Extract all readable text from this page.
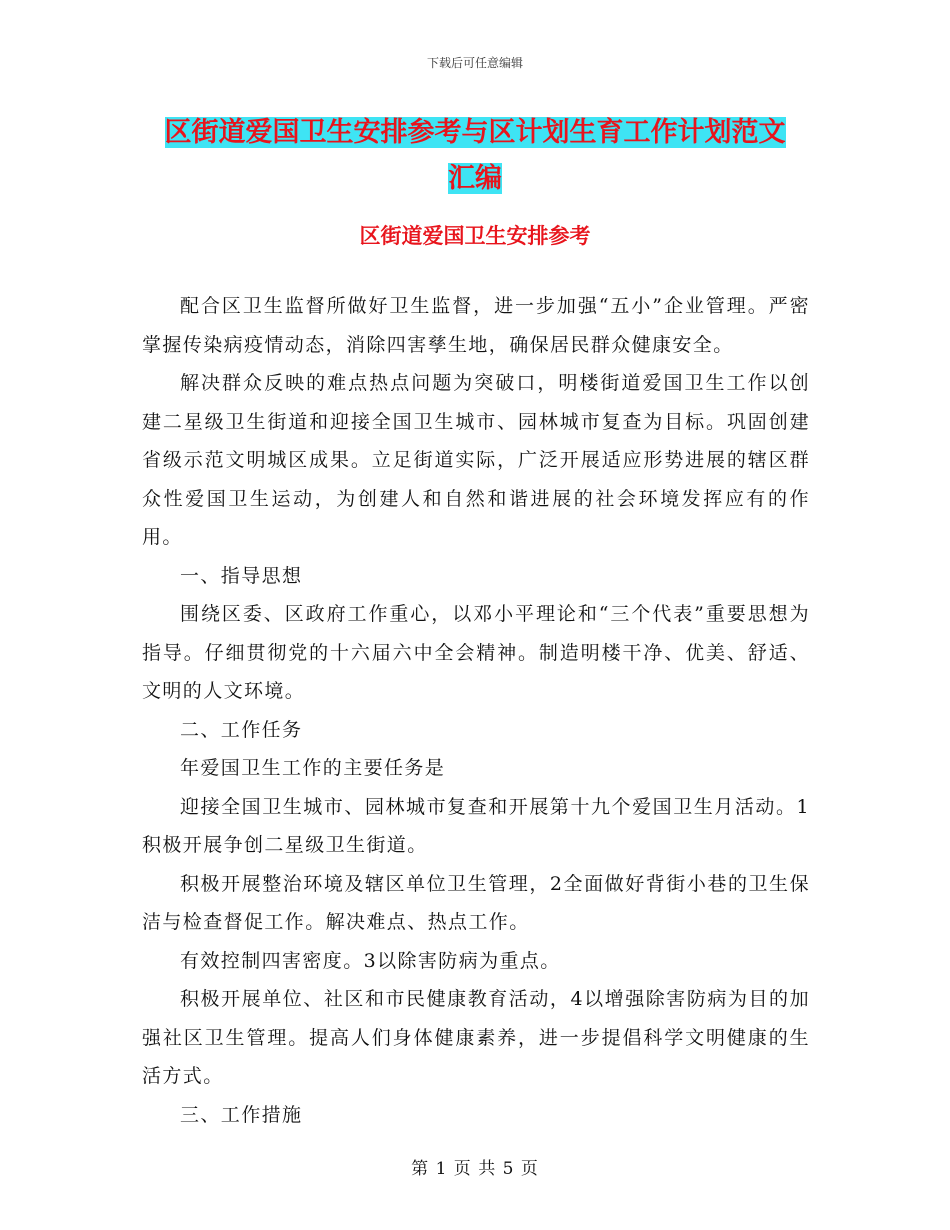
下载后可任意编辑
区街道爱国卫生安排参考与区计划生育工作计划范文
汇编
区街道爱国卫生安排参考

配合区卫生监督所做好卫生监督，进一步加强“五小”企业管理。严密掌握传染病疫情动态，消除四害孳生地，确保居民群众健康安全。

解决群众反映的难点热点问题为突破口，明楼街道爱国卫生工作以创建二星级卫生街道和迎接全国卫生城市、园林城市复查为目标。巩固创建省级示范文明城区成果。立足街道实际，广泛开展适应形势进展的辖区群众性爱国卫生运动，为创建人和自然和谐进展的社会环境发挥应有的作用。

一、指导思想

围绕区委、区政府工作重心，以邓小平理论和“三个代表”重要思想为指导。仔细贯彻党的十六届六中全会精神。制造明楼干净、优美、舒适、文明的人文环境。

二、工作任务

年爱国卫生工作的主要任务是

迎接全国卫生城市、园林城市复查和开展第十九个爱国卫生月活动。1积极开展争创二星级卫生街道。

积极开展整治环境及辖区单位卫生管理，2全面做好背街小巷的卫生保洁与检查督促工作。解决难点、热点工作。

有效控制四害密度。3以除害防病为重点。

积极开展单位、社区和市民健康教育活动，4以增强除害防病为目的加强社区卫生管理。提高人们身体健康素养，进一步提倡科学文明健康的生活方式。

三、工作措施

第 1 页 共 5 页
